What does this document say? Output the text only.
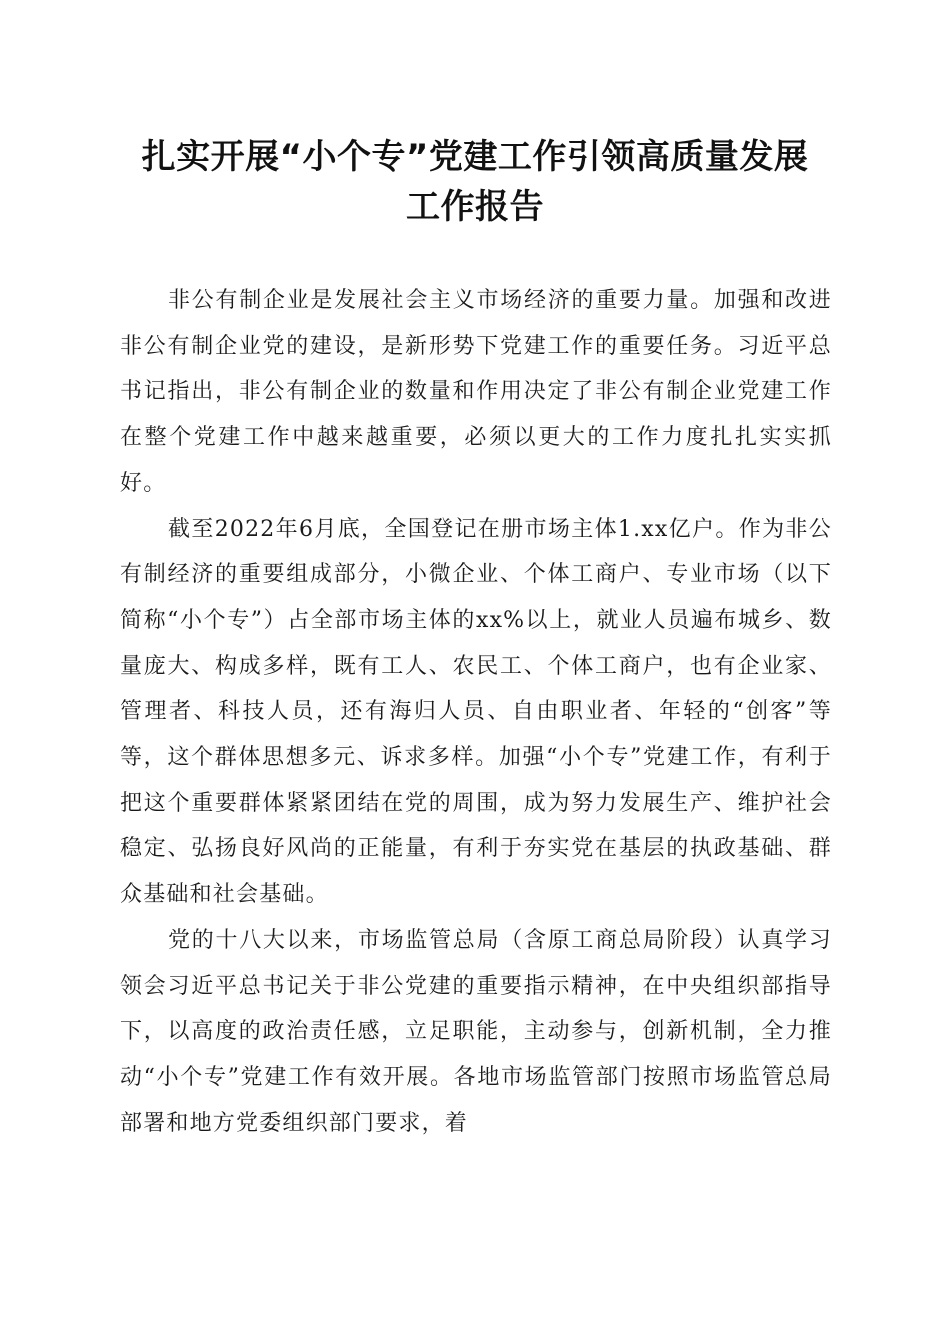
扎实开展“小个专”党建工作引领高质量发展
工作报告

非公有制企业是发展社会主义市场经济的重要力量。加强和改进非公有制企业党的建设，是新形势下党建工作的重要任务。习近平总书记指出，非公有制企业的数量和作用决定了非公有制企业党建工作在整个党建工作中越来越重要，必须以更大的工作力度扎扎实实抓好。

截至2022年6月底，全国登记在册市场主体1.xx亿户。作为非公有制经济的重要组成部分，小微企业、个体工商户、专业市场（以下简称“小个专”）占全部市场主体的xx%以上，就业人员遍布城乡、数量庞大、构成多样，既有工人、农民工、个体工商户，也有企业家、管理者、科技人员，还有海归人员、自由职业者、年轻的“创客”等等，这个群体思想多元、诉求多样。加强“小个专”党建工作，有利于把这个重要群体紧紧团结在党的周围，成为努力发展生产、维护社会稳定、弘扬良好风尚的正能量，有利于夯实党在基层的执政基础、群众基础和社会基础。

党的十八大以来，市场监管总局（含原工商总局阶段）认真学习领会习近平总书记关于非公党建的重要指示精神，在中央组织部指导下，以高度的政治责任感，立足职能，主动参与，创新机制，全力推动“小个专”党建工作有效开展。各地市场监管部门按照市场监管总局部署和地方党委组织部门要求，着
